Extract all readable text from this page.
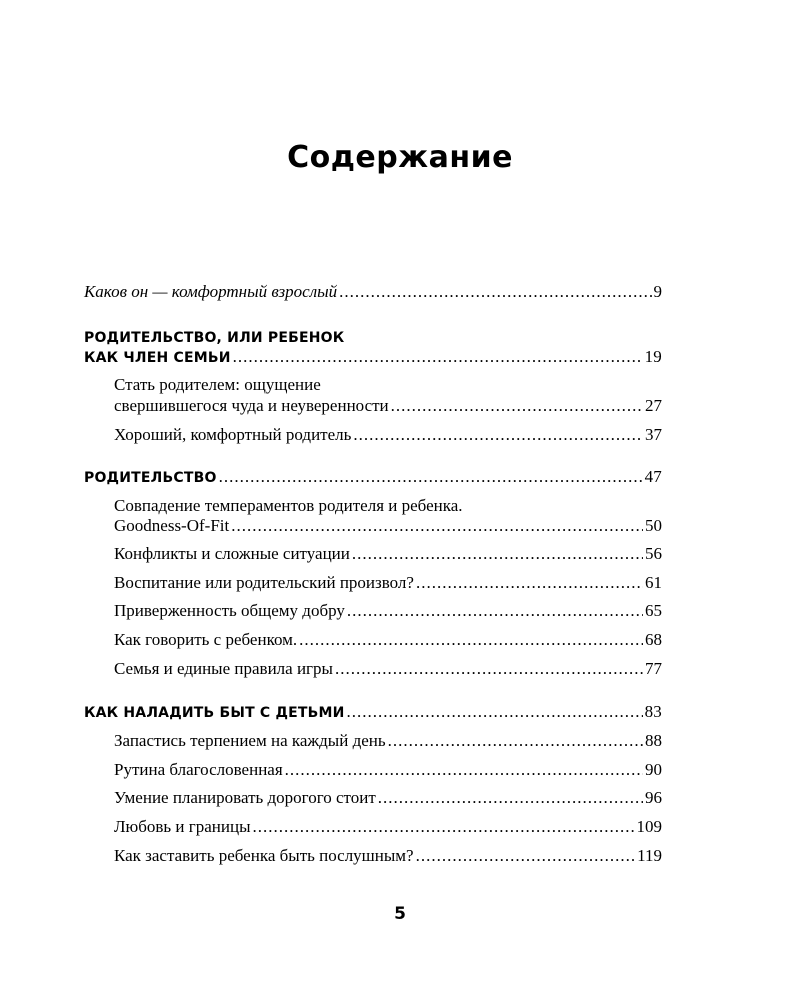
Содержание
Каков он — комфортный взрослый .....	9
РОДИТЕЛЬСТВО, ИЛИ РЕБЕНОК
КАК ЧЛЕН СЕМЬИ .....	19
Стать родителем: ощущение
свершившегося чуда и неуверенности .....	27
Хороший, комфортный родитель .....	37
РОДИТЕЛЬСТВО .....	47
Совпадение темпераментов родителя и ребенка.
Goodness-Of-Fit .....	50
Конфликты и сложные ситуации .....	56
Воспитание или родительский произвол? .....	61
Приверженность общему добру .....	65
Как говорить с ребенком. .....	68
Семья и единые правила игры .....	77
КАК НАЛАДИТЬ БЫТ С ДЕТЬМИ .....	83
Запастись терпением на каждый день .....	88
Рутина благословенная .....	90
Умение планировать дорогого стоит .....	96
Любовь и границы .....	109
Как заставить ребенка быть послушным? .....	119
5
